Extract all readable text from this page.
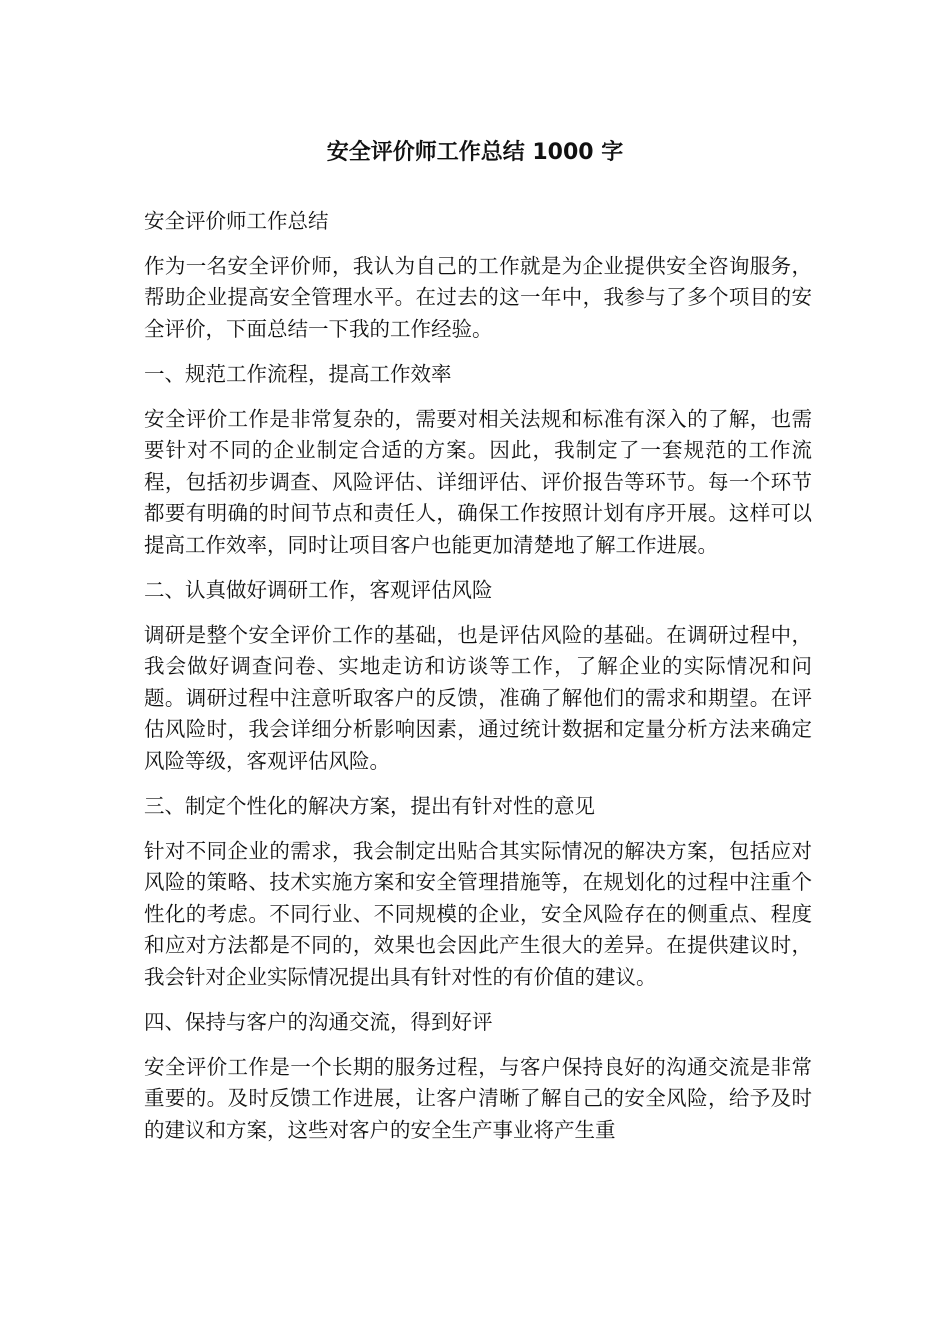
安全评价师工作总结 1000 字

安全评价师工作总结

作为一名安全评价师，我认为自己的工作就是为企业提供安全咨询服务，帮助企业提高安全管理水平。在过去的这一年中，我参与了多个项目的安全评价，下面总结一下我的工作经验。

一、规范工作流程，提高工作效率

安全评价工作是非常复杂的，需要对相关法规和标准有深入的了解，也需要针对不同的企业制定合适的方案。因此，我制定了一套规范的工作流程，包括初步调查、风险评估、详细评估、评价报告等环节。每一个环节都要有明确的时间节点和责任人，确保工作按照计划有序开展。这样可以提高工作效率，同时让项目客户也能更加清楚地了解工作进展。

二、认真做好调研工作，客观评估风险

调研是整个安全评价工作的基础，也是评估风险的基础。在调研过程中，我会做好调查问卷、实地走访和访谈等工作，了解企业的实际情况和问题。调研过程中注意听取客户的反馈，准确了解他们的需求和期望。在评估风险时，我会详细分析影响因素，通过统计数据和定量分析方法来确定风险等级，客观评估风险。

三、制定个性化的解决方案，提出有针对性的意见

针对不同企业的需求，我会制定出贴合其实际情况的解决方案，包括应对风险的策略、技术实施方案和安全管理措施等，在规划化的过程中注重个性化的考虑。不同行业、不同规模的企业，安全风险存在的侧重点、程度和应对方法都是不同的，效果也会因此产生很大的差异。在提供建议时，我会针对企业实际情况提出具有针对性的有价值的建议。

四、保持与客户的沟通交流，得到好评

安全评价工作是一个长期的服务过程，与客户保持良好的沟通交流是非常重要的。及时反馈工作进展，让客户清晰了解自己的安全风险，给予及时的建议和方案，这些对客户的安全生产事业将产生重
